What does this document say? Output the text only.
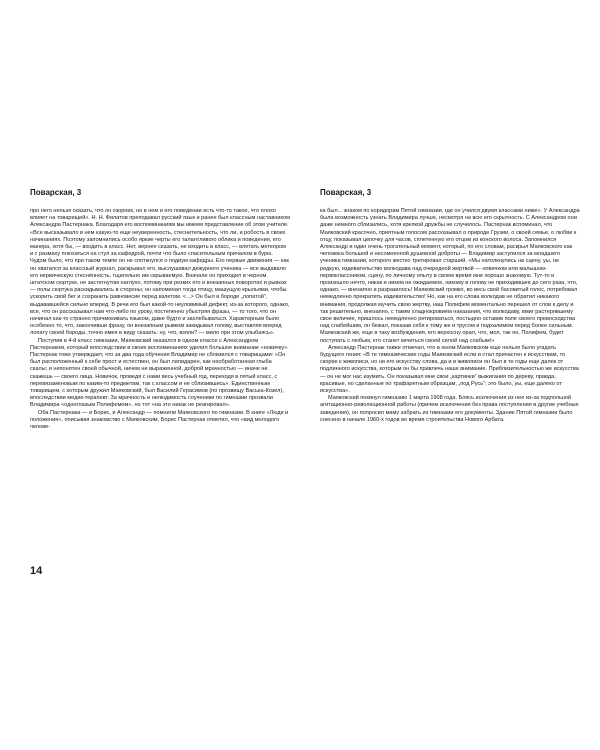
Поварская, 3

про него нельзя сказать, что он озорник, но в нем и его поведении есть что-то такое, что плохо влияет на товарищей». Н. Н. Филатов преподавал русский язык и ранее был классным наставником Александра Пастернака. Благодаря его воспоминаниям мы имеем представление об этом учителе. «Все высказывало в нем какую-то еще неуверенность, стеснительность, что ли, и робость в своих начинаниях. Поэтому запомнились особо яркие черты его талантливого облика и поведения, его манера, хотя бы, — входить в класс. Нет, вернее сказать, не входить в класс, — влетать метеором и с размаху плюхаться на стул за кафедрой, почти что было спасительным причалом в бурю. Чудом было, что при таком темпе он не споткнулся о подиум кафедры. Его первые движения — как он хватался за классный журнал, раскрывал его, выслушивал дежурного ученика — все выдавало его нервическую стеснённость, тщательно им скрываемую. Вначале он приходил в черном штатском сюртуке, не застегнутом наглухо, потому при резких его и внезапных поворотах и рывках — полы сюртука раскидывались в стороны; он напоминал тогда птицу, машущую крыльями, чтобы ускорить свой бег и сохранить равновесие перед взлетом. <...> Он был в бороде „лопатой“, выдававшейся сильно вперед. В речи его был какой-то неуловимый дефект, из-за которого, однако, все, что он рассказывал нам что-либо по уроку, постепенно убыстряя фразы, — то того, что он начинал как-то странно причмокивать языком, даже будто и захлебываться. Характерным было особенно то, что, закончивши фразу, он внезапным рывком закидывал голову, выставляя вперед лопату своей бороды, точно имея в виду сказать: ну, что, взяли? — мило при этом улыбаясь».

Поступив в 4-й класс гимназии, Маяковский оказался в одном классе с Александром Пастернаком, который впоследствии в своих воспоминаниях уделил большое внимание «новичку». Пастернак тоже утверждает, что за два года обучения Владимир не сблизился с товарищами: «Он был расположенный к себе прост и естествен, он был лапидарен, как необработанная глыба скалы; и непонятен своей обычной, ничем не выраженной, доброй мрачностью — иначе не скажешь — своего лица. Новичок, проведя с нами весь учебный год, переходя в пятый класс, с перевязаменовым по каким-то предметам, так с классом и не сблизившись». Единственным товарищем, с которым дружил Маяковский, был Василий Герасимов (по прозвищу Васька-Козел), впоследствии медик-терапевт. За мрачность и нелюдимость соученики по гимназии прозвали Владимира «одноглазым Полифемом», но тот «на это никак не реагировал».

Оба Пастернака — и Борис, и Александр — помнили Маяковского по гимназии. В книге «Люди и положения», описывая знакомство с Маяковским, Борис Пастернак отметил, что «вид молодого челове-

14
Поварская, 3

ка был... знаком по коридорам Пятой гимназии, где он учился двумя классами ниже». У Александра была возможность узнать Владимира лучше, несмотря на всю его скрытность. С Александром они даже немного сблизились, хотя крепкой дружбы не случилось. Пастернак вспоминал, что Маяковский красочно, приятным голосом рассказывал о природе Грузии, о своей семье, о любви к отцу, показывал цепочку для часов, сплетенную его отцом из конского волоса. Запомнился Александр и один очень трогательный момент, который, по его словам, раскрыл Маяковского как человека большой и несомненной душевной доброты — Владимир заступился за младшего ученика гимназии, которого жестко третировал старший. «Мы натолкнулись на сцену, уы, не редкую, издевательство волкодава над очередной жертвой — новичком или малышом-первоклассником, сцену, по личному опыту в своем время мне хорошо знакомую. Тут-то и произошло нечто, никак и никем не ожидаемое, никому в голову не приходившее до сего раза, что, однако, — внезапно и разразилось! Маяковский громко, во весь свой басовитый голос, потребовал немедленно прекратить издевательство! Но, как на его слова волкодав не обратил никакого внимания, продолжая мучить свою жертву, наш Полифем моментально перешел от слов к делу и так решительно, внезапно, с таким хладнокровием наказания, что волкодаву, вмиг растерявшему свое величие, пришлось немедленно ретироваться, постыдно оставив поле своего превосходства над слабейшим, он бежал, показав себя к тому же и трусом и подхалимом перед более сильным. Маяковский же, еще в таку возбуждения, его верхосну орал, что, мол, так он, Полифем, будет поступать с любым, кто станет кичиться своей силой над слабым!»

Александр Пастернак также отмечал, что в юном Маяковском еще нельзя было угадать будущего гения: «В те гимназические годы Маяковский если и стал причастен к искусствам, то скорее к живописи, но ни его искусству слова, да и в живописи он был в те годы еще далек от подлинного искусства, которым он бы привлечь наше внимание. Приблизительностью же искусства — он не мог нас изумить. Он показывал мне свои „картинки“ выжигания по дереву, правда, красивые, но сделанные по трафаретным образцам, „под Русь“; это было, уы, еще далеко от искусства».

Маяковский покинул гимназию 1 марта 1908 года. Боясь исключения из нее из-за подпольной агитационно-революционной работы (причем исключения без права поступления в другие учебные заведения), он попросил маму забрать из гимназии его документы. Здание Пятой гимназии было снесено в начале 1960-х годов во время строительства Нового Арбата.
